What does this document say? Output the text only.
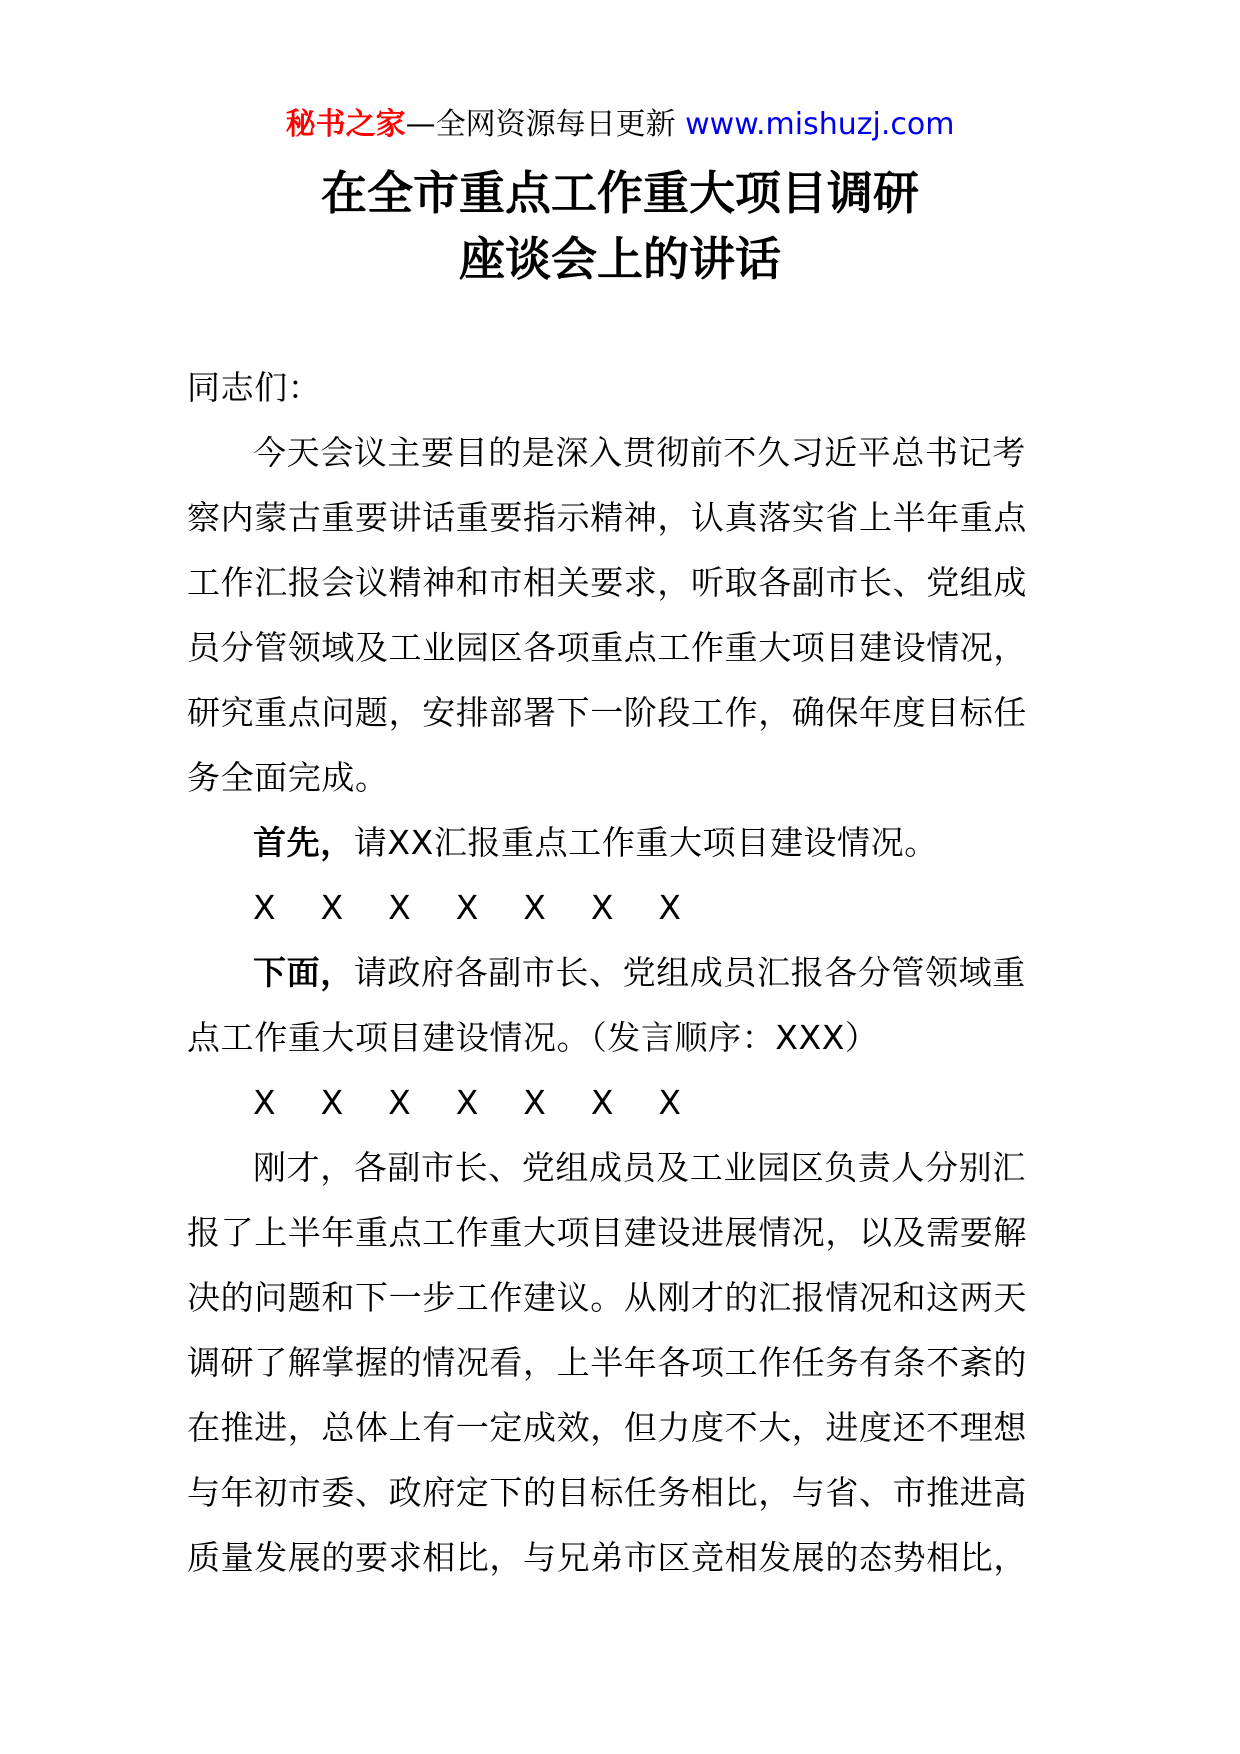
秘书之家—全网资源每日更新 www.mishuzj.com
在全市重点工作重大项目调研
座谈会上的讲话

同志们：

今天会议主要目的是深入贯彻前不久习近平总书记考察内蒙古重要讲话重要指示精神，认真落实省上半年重点工作汇报会议精神和市相关要求，听取各副市长、党组成员分管领域及工业园区各项重点工作重大项目建设情况，研究重点问题，安排部署下一阶段工作，确保年度目标任务全面完成。

首先，请XX汇报重点工作重大项目建设情况。

X    X    X    X    X    X    X

下面，请政府各副市长、党组成员汇报各分管领域重点工作重大项目建设情况。（发言顺序：XXX）

X    X    X    X    X    X    X

刚才，各副市长、党组成员及工业园区负责人分别汇报了上半年重点工作重大项目建设进展情况，以及需要解决的问题和下一步工作建议。从刚才的汇报情况和这两天调研了解掌握的情况看，上半年各项工作任务有条不紊的在推进，总体上有一定成效，但力度不大，进度还不理想与年初市委、政府定下的目标任务相比，与省、市推进高质量发展的要求相比，与兄弟市区竞相发展的态势相比，
